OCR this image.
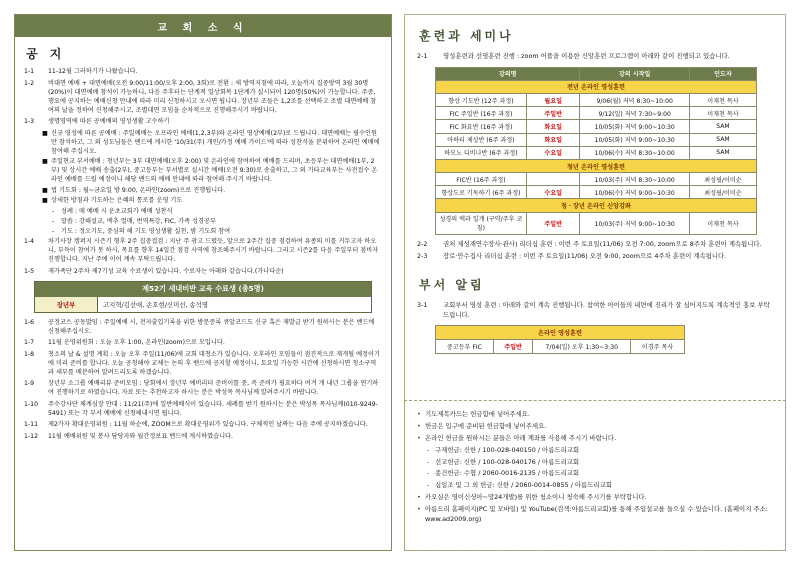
교 회 소 식
공 지
1-1	11-12월 그러하기가 나왔습니다.
1-2	비대면 예배 + 대면예배(오전 9:00/11:00/오후 2:00, 3회)로 전환 : 새 방역지침에 따라, 오늘까지 집중방역 3월 30명(20%)이 대면예배 참석이 가능하니, 다음 주후터는 단계적 일상회복 1단계가 실시되어 120명(50%)이 가능합니다. 주중, 행요에 공지하는 예배신청 안내에 따라 미리 신청하시고 오시면 됩니다. 장년부 조들은 1,2조를 선택하고 조별 대면예배 참여의 날을 정하여 신청해주시고, 조별대면 모임을 순차적으로 진행해주시기 바랍니다.
1-3	생명영역에 따른 공예배의 영성생활 고수하기
■ 신규 영성에 따른 공예배 : 주일예배는 오프라인 예배(1,2,3부)와 온라인 영상예배(2부)로 드립니다. 대면예배는 필수인원만 참석하고, 그 외 성도님들은 밴드에 게시한 '10/31(주) 개인/가정 예배 가이드'에 따라 성찬식을 분위하여 온라인 예배에 참여해 주십시오.
■ 주일현교 부서예배 : 청년부는 3부 대면예배(오후 2:00) 및 온라인에 참여하여 예배를 드리며, 초등부는 대면예배(1부, 2부) 및 상시간 예배 송출(2부), 중고등부는 부서별로 실시간 예배(오전 9:30)로 송출하고, 그 외 기타교육부는 사전접수 온라인 예배를 드릴 예정이니 해당 밴드의 예배 안내에 따라 참여해 주시기 바랍니다.
■ 법 기도회 : 월~금요일 방 9:00, 온라인(zoom)으로 진행됩니다.
■ 상세한 방침과 기도하는 은혜의 통로를 운영 기도
-	성례 : 매 예배 시 운초교회가 예배 성찬식
-	말씀 : 강해설교, 맥추 열매, 번역특강, FIC, 가족 성경공부
-	기도 : 정오기도, 중심의 해 기도 영성생활 실천, 밤 기도회 참여
1-4	차기사장 캠퍼지 시즌기 형후 2주 집중접검 : 지난 주 광고 드렸듯, 앞으로 2주간 집중 점검하여 유종의 미를 거두고자 하오니, 부득이 참여가 못 하시, 목요를 향후 14일간 점검 사역에 참조해주시기 바랍니다. 그리고 시즌2를 다음 주일부터 점비자 진행합니다. 지난 주에 이어 계속 부탁드립니다.
1-5	재가족단 2주차 제7기성 교육 수료생이 있습니다. 수료자는 아래와 같습니다.(가나다순)
제52기 새내비반 교육 수료생 (총5명)
장년부	고지혁/김선애, 손호현/신미선, 송석명
1-6	공정코스 공동발임 : 주일예배 시, 전자출입기록을 위한 방문증록 큐알코드도 신규 혹은 재발급 받기 원하시는 분은 밴드에 신청해주십시오.
1-7	11월 운영위원회 : 오늘 오후 1:00, 온라인(zoom)으로 모입니다.
1-8	청소의 날 & 설명 계획 : 오늘 오후 주일(11/06)에 교회 대청소가 있습니다. 오후라인 모임들이 점진적으로 재개될 예정이기에 미리 준비를 합니다. 오늘 공청해야 교체는 논의 후 밴드에 공지할 예정이니, 토요일 가능한 시간에 신청하시면 청소구역과 세부를 배분하여 알려드리도록 하겠습니다.
1-9	장년부 소그룹 예배리뷰 준비모임 : 당회에서 장년부 예비리더 준비이를 중, 즉 준비가 필요하다 여겨 개 내년 그룹을 연기하여 진행하기로 하였습니다. 자료 또는 추천하고자 하시는 분은 박성목 목사님께 알려주시기 바랍니다.
1-10	주수강사단 체계심장 안대 : 11/21(주)에 일반예배식이 있습니다. 세례를 받기 원하시는 분은 박성목 목사님께(010-9249-5491) 또는 각 부서 예배에 신청해내시면 됩니다.
1-11	제2가자 확대운영위원 : 11월 하순에, ZOOM으로 확대운영위가 있습니다. 구체적인 날짜는 다음 주에 공지하겠습니다.
1-12	11월 예배위원 및 봉사 담당자와 월간정보표 밴드에 게시하였습니다.
훈련과 세미나
2-1	영성훈련과 선영훈련 진행 : zoom 어플을 이용한 신앙훈련 프로그램이 아래와 같이 진행되고 있습니다.
강의명		강의 시작일	인도자
전년 온라인 영성훈련			
향상 기도반 (12주 과정)	월요일	9/06(월) 저녁 8:30~10:00	이재천 목사
FIC 주일반 (16주 과정)	주일반	9/12(일) 저녁 7:30~9:00	이재천 목사
FIC 화요반 (16주 과정)	화요일	10/05(화) 저녁 9:00~10:30	SAM
아하티 제상반 (6주 과정)	화요일	10/05(화) 저녁 9:00~10:30	SAM
하모노 디비나반 (6주 과정)	수요일	10/06(수) 저녁 8:30~10:00	SAM
청년 온라인 영성훈련			
FIC반 (16주 과정)		10/03(주) 저녁 8:30~10:00	최성필/이미순
향상도로 기독하기 (6주 과정)	수요일	10/06(수) 저녁 9:00~10:30	최성필/이미순
청ㆍ장년 온라인 신앙강좌			
성경의 맥과 일개 (구약/주후 코칭)	주일반	10/03(주) 저녁 9:00~10:30	이재천 목사
2-2	권처 제성재연수장사·관사) 리더십 훈련 : 이번 주 토요일(11/06) 오전 7:00, zoom으로 8주차 훈련이 계속됩니다.
2-3	장로·안수집사 리더십 훈련 : 이번 주 토요일(11/06) 오전 9:00, zoom으로 4주차 훈련이 계속됩니다.
부서 알림
3-1	교회부서 영성 훈련 : 아래와 같이 계속 진행됩니다. 참여한 아이들의 내면에 진리가 잘 심어지도록 계속적인 홍보 부탁드립니다.
온라인 영성훈련
중고등부 FIC	주일반	7/04(일) 오후 1:30~3:30	이경주 목사
• 기도제목카드는 헌금함에 넣어주세요.
• 헌금은 입구에 준비된 헌금함에 넣어주세요.
• 온라인 헌금을 원하시는 분들은 아래 계좌를 사용해 주시기 바랍니다.
- 구제헌금: 신한 / 100-028-040150 / 아름드리교회
- 선교헌금: 신한 / 100-028-040176 / 아름드리교회
- 종건헌금: 수협 / 2060-0016-2135 / 아름드리교회
- 십일조 및 그 외 헌금: 신한 / 2060-0014-0855 / 아름드리교회
• 카오실은 영이신셩아~망24개발)를 위한 청소이니 청숙해 주시기를 부탁합니다.
• 아름드리 홈페이지(PC 및 모바일) 및 YouTube(검색:아름드리교회)를 통해 주일설교를 들으실 수 있습니다. (홈페이지 주소: www.ad2009.org)
